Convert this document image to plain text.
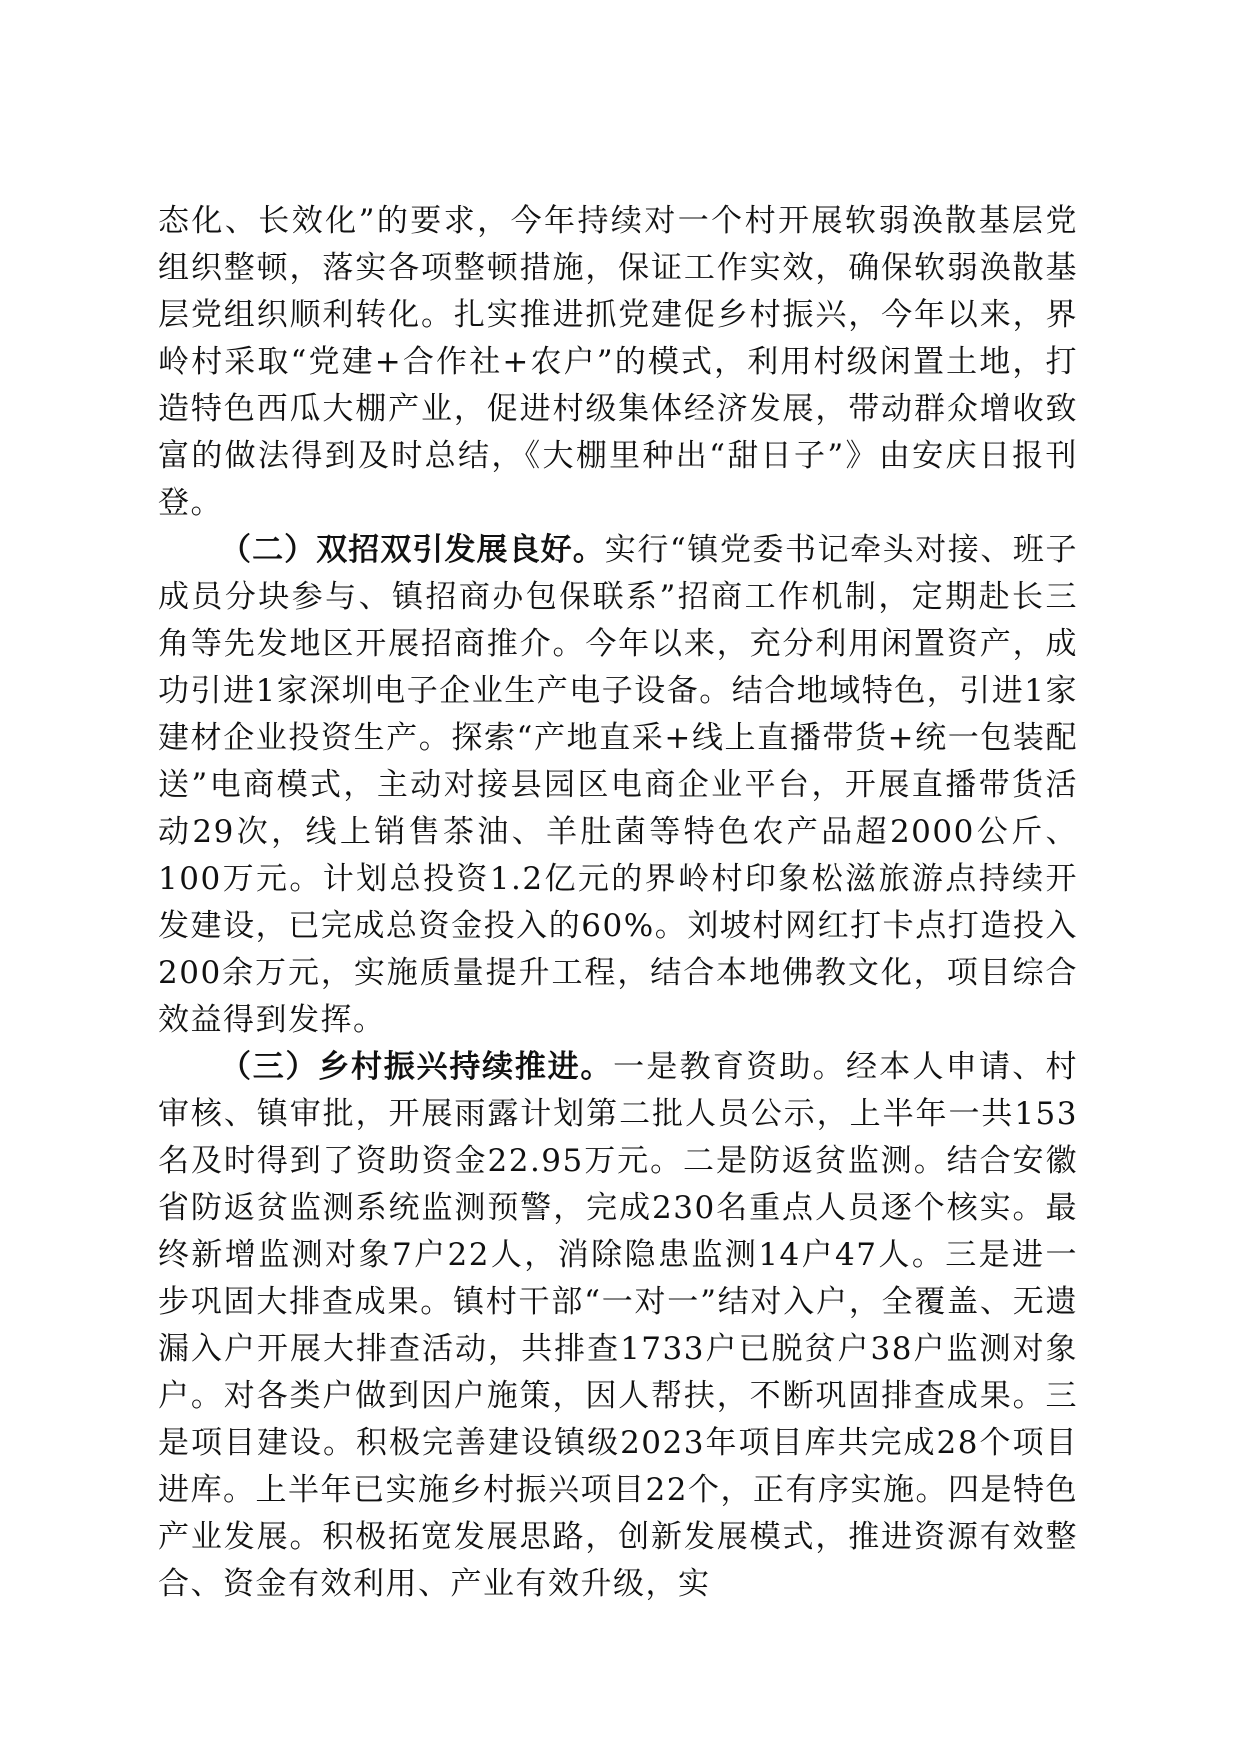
态化、长效化”的要求，今年持续对一个村开展软弱涣散基层党组织整顿，落实各项整顿措施，保证工作实效，确保软弱涣散基层党组织顺利转化。扎实推进抓党建促乡村振兴，今年以来，界岭村采取“党建+合作社+农户”的模式，利用村级闲置土地，打造特色西瓜大棚产业，促进村级集体经济发展，带动群众增收致富的做法得到及时总结，《大棚里种出“甜日子”》由安庆日报刊登。

（二）双招双引发展良好。实行“镇党委书记牵头对接、班子成员分块参与、镇招商办包保联系”招商工作机制，定期赴长三角等先发地区开展招商推介。今年以来，充分利用闲置资产，成功引进1家深圳电子企业生产电子设备。结合地域特色，引进1家建材企业投资生产。探索“产地直采+线上直播带货+统一包装配送”电商模式，主动对接县园区电商企业平台，开展直播带货活动29次，线上销售茶油、羊肚菌等特色农产品超2000公斤、100万元。计划总投资1.2亿元的界岭村印象松滋旅游点持续开发建设，已完成总资金投入的60%。刘坡村网红打卡点打造投入200余万元，实施质量提升工程，结合本地佛教文化，项目综合效益得到发挥。

（三）乡村振兴持续推进。一是教育资助。经本人申请、村审核、镇审批，开展雨露计划第二批人员公示，上半年一共153名及时得到了资助资金22.95万元。二是防返贫监测。结合安徽省防返贫监测系统监测预警，完成230名重点人员逐个核实。最终新增监测对象7户22人，消除隐患监测14户47人。三是进一步巩固大排查成果。镇村干部“一对一”结对入户，全覆盖、无遗漏入户开展大排查活动，共排查1733户已脱贫户38户监测对象户。对各类户做到因户施策，因人帮扶，不断巩固排查成果。三是项目建设。积极完善建设镇级2023年项目库共完成28个项目进库。上半年已实施乡村振兴项目22个，正有序实施。四是特色产业发展。积极拓宽发展思路，创新发展模式，推进资源有效整合、资金有效利用、产业有效升级，实
